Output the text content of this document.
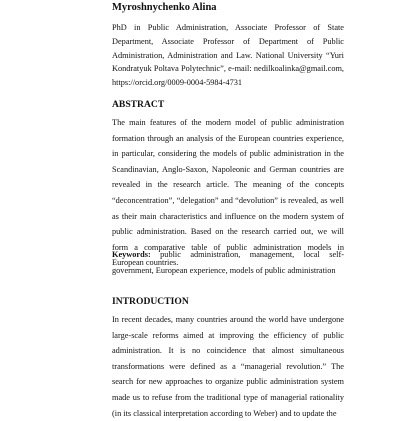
Myroshnychenko Alina
PhD in Public Administration, Associate Professor of State Department, Associate Professor of Department of Public Administration, Administration and Law. National University “Yuri Kondratyuk Poltava Polytechnic”, e-mail: nedilkoalinka@gmail.com, https://orcid.org/0009-0004-5984-4731
ABSTRACT
The main features of the modern model of public administration formation through an analysis of the European countries experience, in particular, considering the models of public administration in the Scandinavian, Anglo-Saxon, Napoleonic and German countries are revealed in the research article. The meaning of the concepts “deconcentration”, “delegation” and “devolution” is revealed, as well as their main characteristics and influence on the modern system of public administration. Based on the research carried out, we will form a comparative table of public administration models in European countries.
Keywords: public administration, management, local self-government, European experience, models of public administration
INTRODUCTION
In recent decades, many countries around the world have undergone large-scale reforms aimed at improving the efficiency of public administration. It is no coincidence that almost simultaneous transformations were defined as a “managerial revolution.” The search for new approaches to organize public administration system made us to refuse from the traditional type of managerial rationality (in its classical interpretation according to Weber) and to update the
